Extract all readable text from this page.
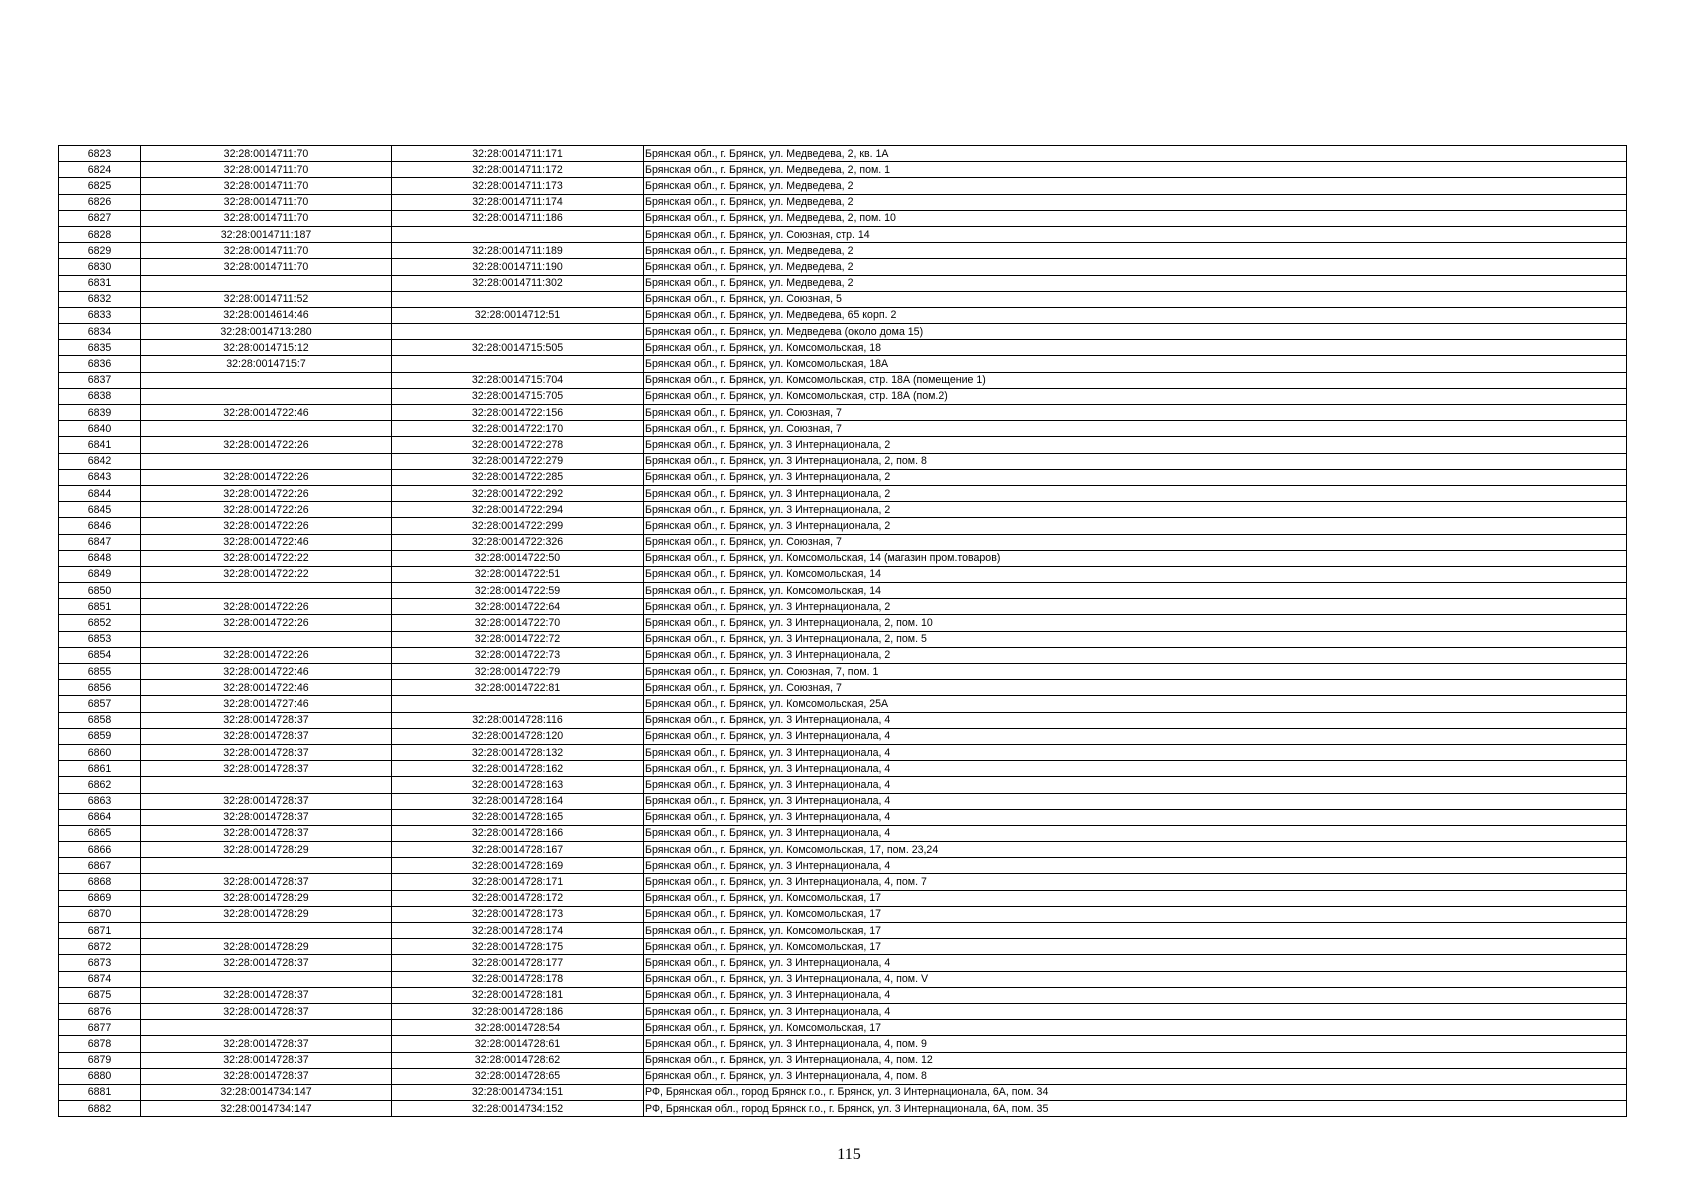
6823	32:28:0014711:70	32:28:0014711:171	Брянская обл., г. Брянск, ул. Медведева, 2, кв. 1А
6824	32:28:0014711:70	32:28:0014711:172	Брянская обл., г. Брянск, ул. Медведева, 2, пом. 1
6825	32:28:0014711:70	32:28:0014711:173	Брянская обл., г. Брянск, ул. Медведева, 2
6826	32:28:0014711:70	32:28:0014711:174	Брянская обл., г. Брянск, ул. Медведева, 2
6827	32:28:0014711:70	32:28:0014711:186	Брянская обл., г. Брянск, ул. Медведева, 2, пом. 10
6828	32:28:0014711:187		Брянская обл., г. Брянск, ул. Союзная, стр. 14
6829	32:28:0014711:70	32:28:0014711:189	Брянская обл., г. Брянск, ул. Медведева, 2
6830	32:28:0014711:70	32:28:0014711:190	Брянская обл., г. Брянск, ул. Медведева, 2
6831		32:28:0014711:302	Брянская обл., г. Брянск, ул. Медведева, 2
6832	32:28:0014711:52		Брянская обл., г. Брянск, ул. Союзная, 5
6833	32:28:0014614:46	32:28:0014712:51	Брянская обл., г. Брянск, ул. Медведева, 65 корп. 2
6834	32:28:0014713:280		Брянская обл., г. Брянск, ул. Медведева (около дома 15)
6835	32:28:0014715:12	32:28:0014715:505	Брянская обл., г. Брянск, ул. Комсомольская, 18
6836	32:28:0014715:7		Брянская обл., г. Брянск, ул. Комсомольская, 18А
6837		32:28:0014715:704	Брянская обл., г. Брянск, ул. Комсомольская, стр. 18А (помещение 1)
6838		32:28:0014715:705	Брянская обл., г. Брянск, ул. Комсомольская, стр. 18А (пом.2)
6839	32:28:0014722:46	32:28:0014722:156	Брянская обл., г. Брянск, ул. Союзная, 7
6840		32:28:0014722:170	Брянская обл., г. Брянск, ул. Союзная, 7
6841	32:28:0014722:26	32:28:0014722:278	Брянская обл., г. Брянск, ул. 3 Интернационала, 2
6842		32:28:0014722:279	Брянская обл., г. Брянск, ул. 3 Интернационала, 2, пом. 8
6843	32:28:0014722:26	32:28:0014722:285	Брянская обл., г. Брянск, ул. 3 Интернационала, 2
6844	32:28:0014722:26	32:28:0014722:292	Брянская обл., г. Брянск, ул. 3 Интернационала, 2
6845	32:28:0014722:26	32:28:0014722:294	Брянская обл., г. Брянск, ул. 3 Интернационала, 2
6846	32:28:0014722:26	32:28:0014722:299	Брянская обл., г. Брянск, ул. 3 Интернационала, 2
6847	32:28:0014722:46	32:28:0014722:326	Брянская обл., г. Брянск, ул. Союзная, 7
6848	32:28:0014722:22	32:28:0014722:50	Брянская обл., г. Брянск, ул. Комсомольская, 14 (магазин пром.товаров)
6849	32:28:0014722:22	32:28:0014722:51	Брянская обл., г. Брянск, ул. Комсомольская, 14
6850		32:28:0014722:59	Брянская обл., г. Брянск, ул. Комсомольская, 14
6851	32:28:0014722:26	32:28:0014722:64	Брянская обл., г. Брянск, ул. 3 Интернационала, 2
6852	32:28:0014722:26	32:28:0014722:70	Брянская обл., г. Брянск, ул. 3 Интернационала, 2, пом. 10
6853		32:28:0014722:72	Брянская обл., г. Брянск, ул. 3 Интернационала, 2, пом. 5
6854	32:28:0014722:26	32:28:0014722:73	Брянская обл., г. Брянск, ул. 3 Интернационала, 2
6855	32:28:0014722:46	32:28:0014722:79	Брянская обл., г. Брянск, ул. Союзная, 7, пом. 1
6856	32:28:0014722:46	32:28:0014722:81	Брянская обл., г. Брянск, ул. Союзная, 7
6857	32:28:0014727:46		Брянская обл., г. Брянск, ул. Комсомольская, 25А
6858	32:28:0014728:37	32:28:0014728:116	Брянская обл., г. Брянск, ул. 3 Интернационала, 4
6859	32:28:0014728:37	32:28:0014728:120	Брянская обл., г. Брянск, ул. 3 Интернационала, 4
6860	32:28:0014728:37	32:28:0014728:132	Брянская обл., г. Брянск, ул. 3 Интернационала, 4
6861	32:28:0014728:37	32:28:0014728:162	Брянская обл., г. Брянск, ул. 3 Интернационала, 4
6862		32:28:0014728:163	Брянская обл., г. Брянск, ул. 3 Интернационала, 4
6863	32:28:0014728:37	32:28:0014728:164	Брянская обл., г. Брянск, ул. 3 Интернационала, 4
6864	32:28:0014728:37	32:28:0014728:165	Брянская обл., г. Брянск, ул. 3 Интернационала, 4
6865	32:28:0014728:37	32:28:0014728:166	Брянская обл., г. Брянск, ул. 3 Интернационала, 4
6866	32:28:0014728:29	32:28:0014728:167	Брянская обл., г. Брянск, ул. Комсомольская, 17, пом. 23,24
6867		32:28:0014728:169	Брянская обл., г. Брянск, ул. 3 Интернационала, 4
6868	32:28:0014728:37	32:28:0014728:171	Брянская обл., г. Брянск, ул. 3 Интернационала, 4, пом. 7
6869	32:28:0014728:29	32:28:0014728:172	Брянская обл., г. Брянск, ул. Комсомольская, 17
6870	32:28:0014728:29	32:28:0014728:173	Брянская обл., г. Брянск, ул. Комсомольская, 17
6871		32:28:0014728:174	Брянская обл., г. Брянск, ул. Комсомольская, 17
6872	32:28:0014728:29	32:28:0014728:175	Брянская обл., г. Брянск, ул. Комсомольская, 17
6873	32:28:0014728:37	32:28:0014728:177	Брянская обл., г. Брянск, ул. 3 Интернационала, 4
6874		32:28:0014728:178	Брянская обл., г. Брянск, ул. 3 Интернационала, 4, пом. V
6875	32:28:0014728:37	32:28:0014728:181	Брянская обл., г. Брянск, ул. 3 Интернационала, 4
6876	32:28:0014728:37	32:28:0014728:186	Брянская обл., г. Брянск, ул. 3 Интернационала, 4
6877		32:28:0014728:54	Брянская обл., г. Брянск, ул. Комсомольская, 17
6878	32:28:0014728:37	32:28:0014728:61	Брянская обл., г. Брянск, ул. 3 Интернационала, 4, пом. 9
6879	32:28:0014728:37	32:28:0014728:62	Брянская обл., г. Брянск, ул. 3 Интернационала, 4, пом. 12
6880	32:28:0014728:37	32:28:0014728:65	Брянская обл., г. Брянск, ул. 3 Интернационала, 4, пом. 8
6881	32:28:0014734:147	32:28:0014734:151	РФ, Брянская обл., город Брянск г.о., г. Брянск, ул. 3 Интернационала, 6А, пом. 34
6882	32:28:0014734:147	32:28:0014734:152	РФ, Брянская обл., город Брянск г.о., г. Брянск, ул. 3 Интернационала, 6А, пом. 35
115
